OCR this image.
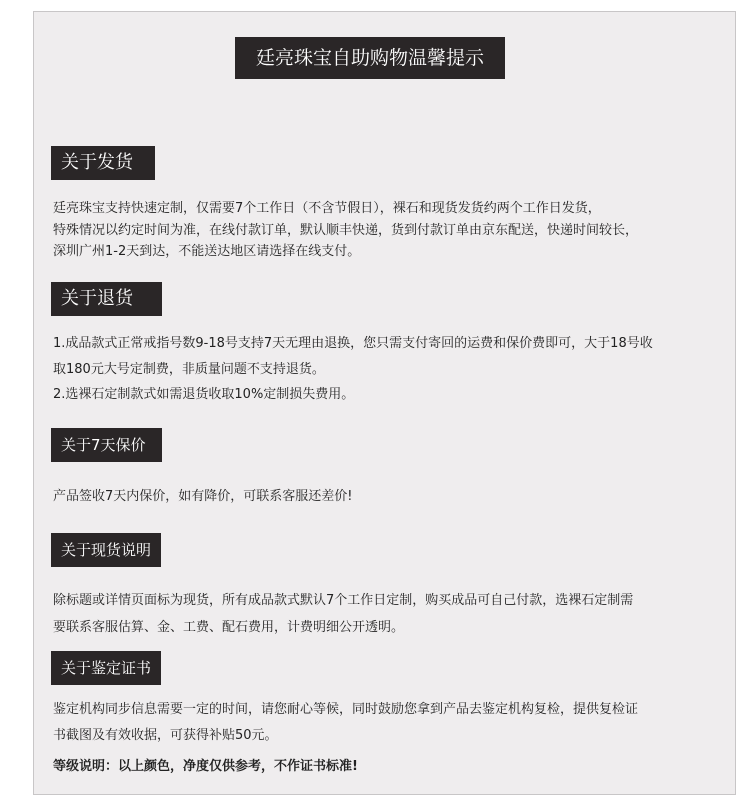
廷亮珠宝自助购物温馨提示
关于发货

廷亮珠宝支持快速定制，仅需要7个工作日（不含节假日），裸石和现货发货约两个工作日发货，

特殊情况以约定时间为准，在线付款订单，默认顺丰快递，货到付款订单由京东配送，快递时间较长，

深圳广州1-2天到达，不能送达地区请选择在线支付。

关于退货

1.成品款式正常戒指号数9-18号支持7天无理由退换，您只需支付寄回的运费和保价费即可，大于18号收

取180元大号定制费，非质量问题不支持退货。

2.选裸石定制款式如需退货收取10%定制损失费用。

关于7天保价

产品签收7天内保价，如有降价，可联系客服还差价!

关于现货说明

除标题或详情页面标为现货，所有成品款式默认7个工作日定制，购买成品可自己付款，选裸石定制需

要联系客服估算、金、工费、配石费用，计费明细公开透明。

关于鉴定证书

鉴定机构同步信息需要一定的时间，请您耐心等候，同时鼓励您拿到产品去鉴定机构复检，提供复检证

书截图及有效收据，可获得补贴50元。

等级说明：以上颜色，净度仅供参考，不作证书标准!
